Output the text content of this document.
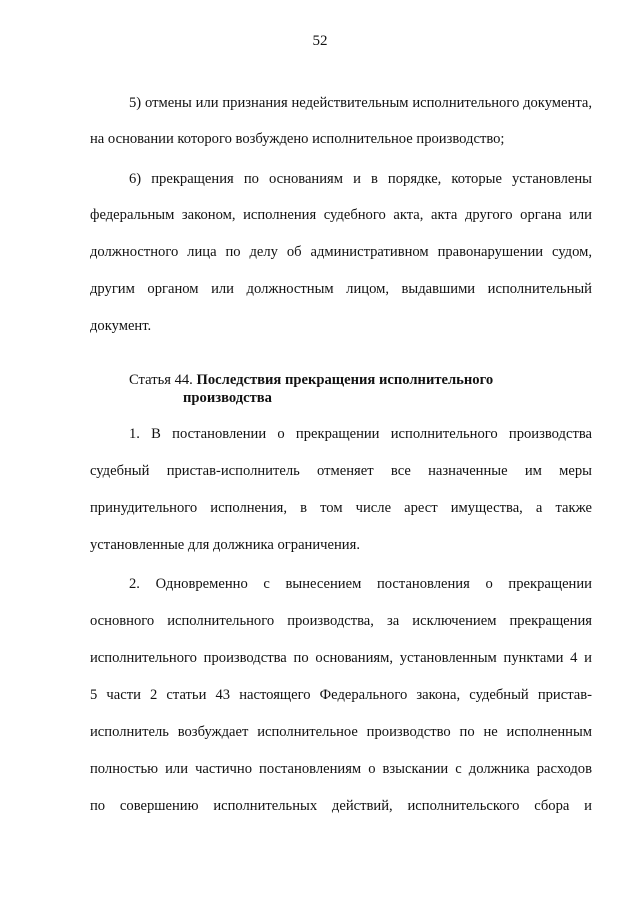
52
5) отмены или признания недействительным исполнительного документа,
на основании которого возбуждено исполнительное производство;
6) прекращения по основаниям и в порядке, которые установлены
федеральным законом, исполнения судебного акта, акта другого органа или
должностного лица по делу об административном правонарушении судом,
другим органом или должностным лицом, выдавшими исполнительный
документ.
Статья 44. Последствия прекращения исполнительного
производства
1. В постановлении о прекращении исполнительного производства
судебный пристав-исполнитель отменяет все назначенные им меры
принудительного исполнения, в том числе арест имущества, а также
установленные для должника ограничения.
2. Одновременно с вынесением постановления о прекращении
основного исполнительного производства, за исключением прекращения
исполнительного производства по основаниям, установленным пунктами 4 и
5 части 2 статьи 43 настоящего Федерального закона, судебный пристав-
исполнитель возбуждает исполнительное производство по не исполненным
полностью или частично постановлениям о взыскании с должника расходов
по совершению исполнительных действий, исполнительского сбора и
